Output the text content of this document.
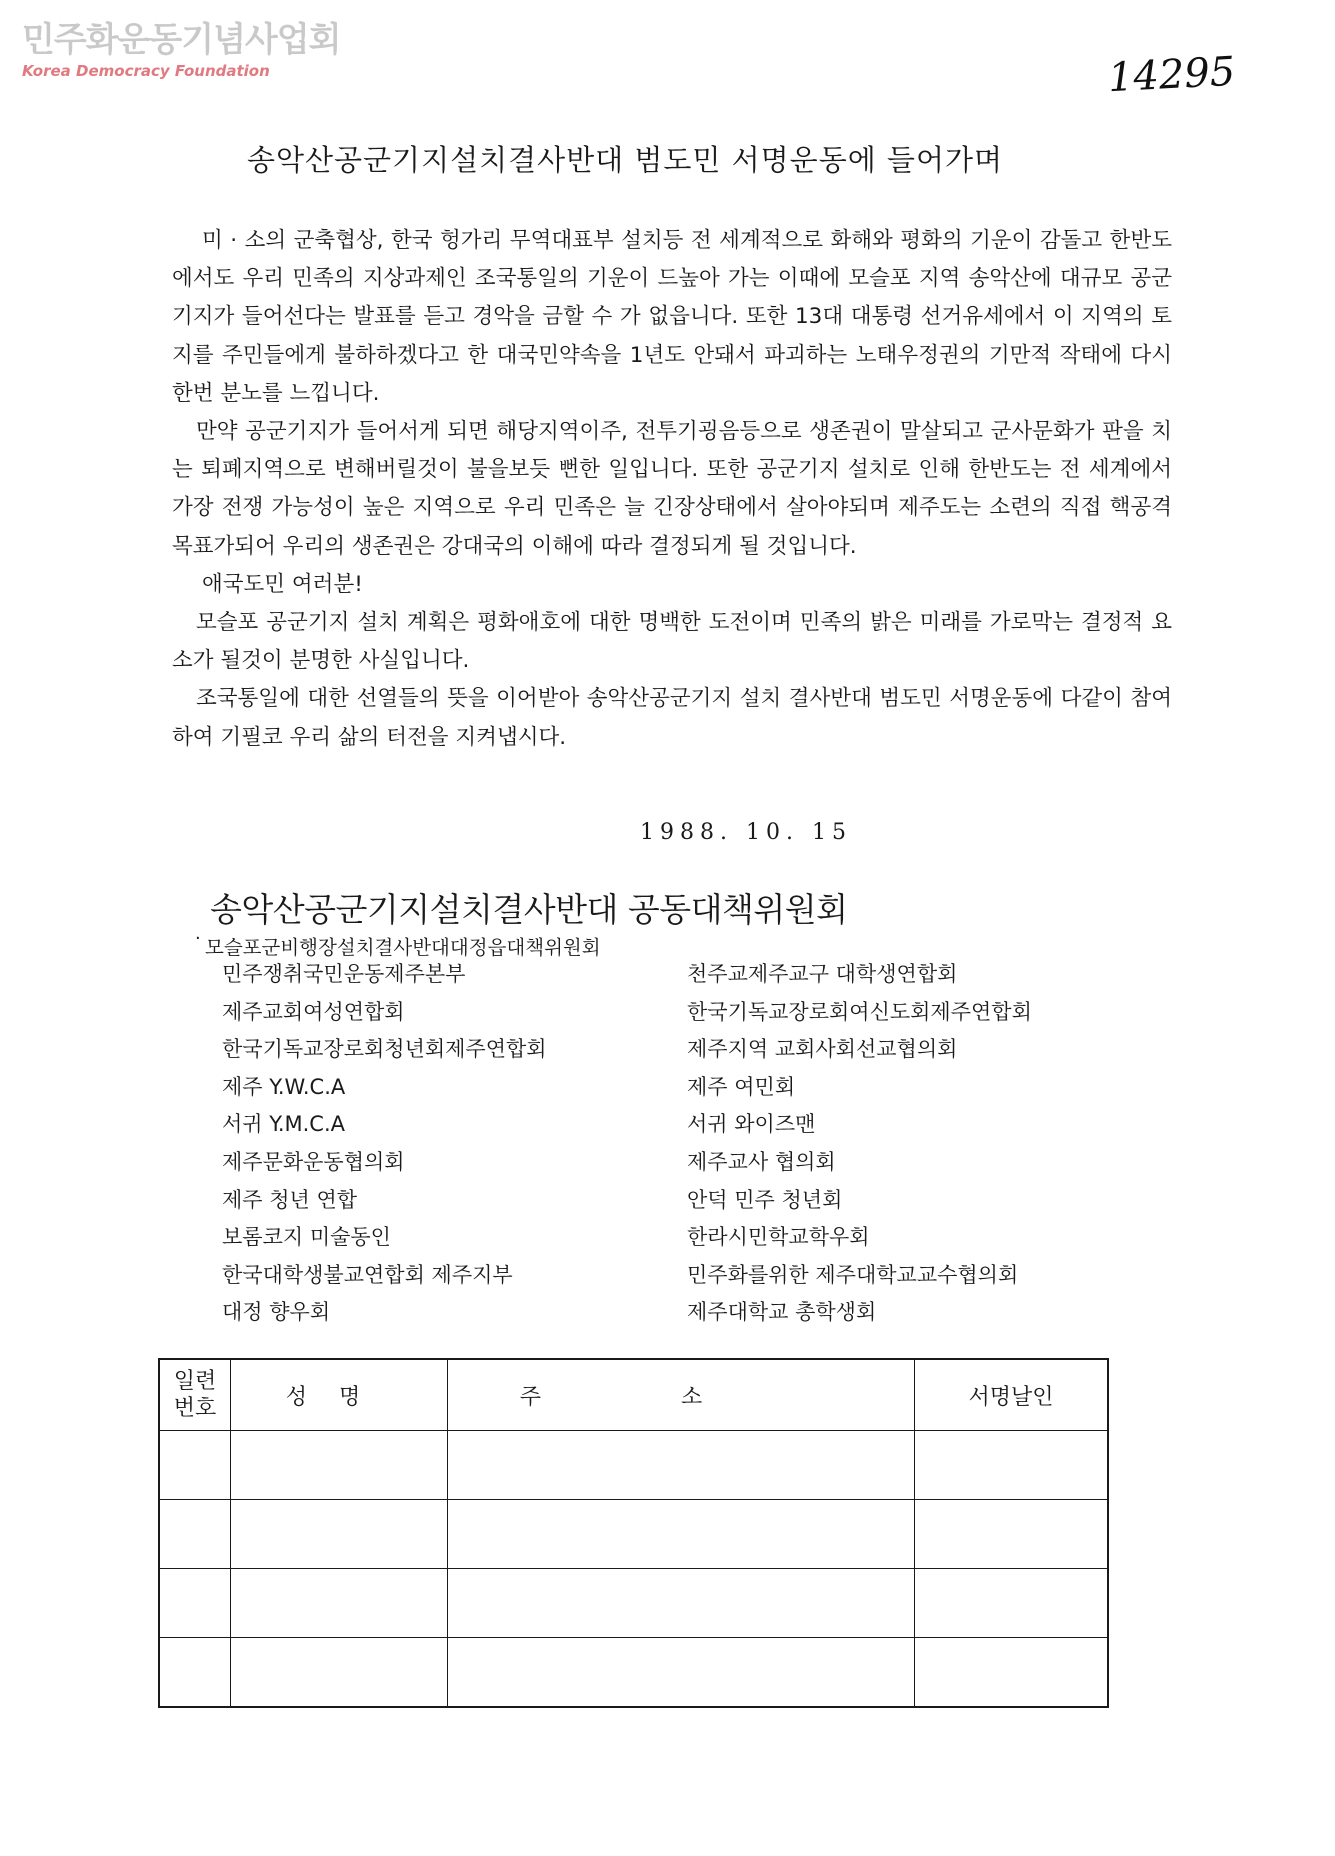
민주화운동기념사업회
Korea Democracy Foundation	14295
송악산공군기지설치결사반대 범도민 서명운동에 들어가며

미 · 소의 군축협상, 한국 헝가리 무역대표부 설치등 전 세계적으로 화해와 평화의 기운이 감돌고 한반도에서도 우리 민족의 지상과제인 조국통일의 기운이 드높아 가는 이때에 모슬포 지역 송악산에 대규모 공군기지가 들어선다는 발표를 듣고 경악을 금할 수 가 없읍니다. 또한 13대 대통령 선거유세에서 이 지역의 토지를 주민들에게 불하하겠다고 한 대국민약속을 1년도 안돼서 파괴하는 노태우정권의 기만적 작태에 다시한번 분노를 느낍니다.

만약 공군기지가 들어서게 되면 해당지역이주, 전투기굉음등으로 생존권이 말살되고 군사문화가 판을 치는 퇴폐지역으로 변해버릴것이 불을보듯 뻔한 일입니다. 또한 공군기지 설치로 인해 한반도는 전 세계에서 가장 전쟁 가능성이 높은 지역으로 우리 민족은 늘 긴장상태에서 살아야되며 제주도는 소련의 직접 핵공격 목표가되어 우리의 생존권은 강대국의 이해에 따라 결정되게 될 것입니다.

애국도민 여러분!

모슬포 공군기지 설치 계획은 평화애호에 대한 명백한 도전이며 민족의 밝은 미래를 가로막는 결정적 요소가 될것이 분명한 사실입니다.

조국통일에 대한 선열들의 뜻을 이어받아 송악산공군기지 설치 결사반대 범도민 서명운동에 다같이 참여하여 기필코 우리 삶의 터전을 지켜냅시다.

1988. 10. 15
송악산공군기지설치결사반대 공동대책위원회
· 모슬포군비행장설치결사반대대정읍대책위원회
민주쟁취국민운동제주본부	천주교제주교구 대학생연합회
제주교회여성연합회	한국기독교장로회여신도회제주연합회
한국기독교장로회청년회제주연합회	제주지역 교회사회선교협의회
제주 Y.W.C.A	제주 여민회
서귀 Y.M.C.A	서귀 와이즈맨
제주문화운동협의회	제주교사 협의회
제주 청년 연합	안덕 민주 청년회
보롬코지 미술동인	한라시민학교학우회
한국대학생불교연합회 제주지부	민주화를위한 제주대학교교수협의회
대정 향우회	제주대학교 총학생회
일련
번호	성명	주소	서명날인
